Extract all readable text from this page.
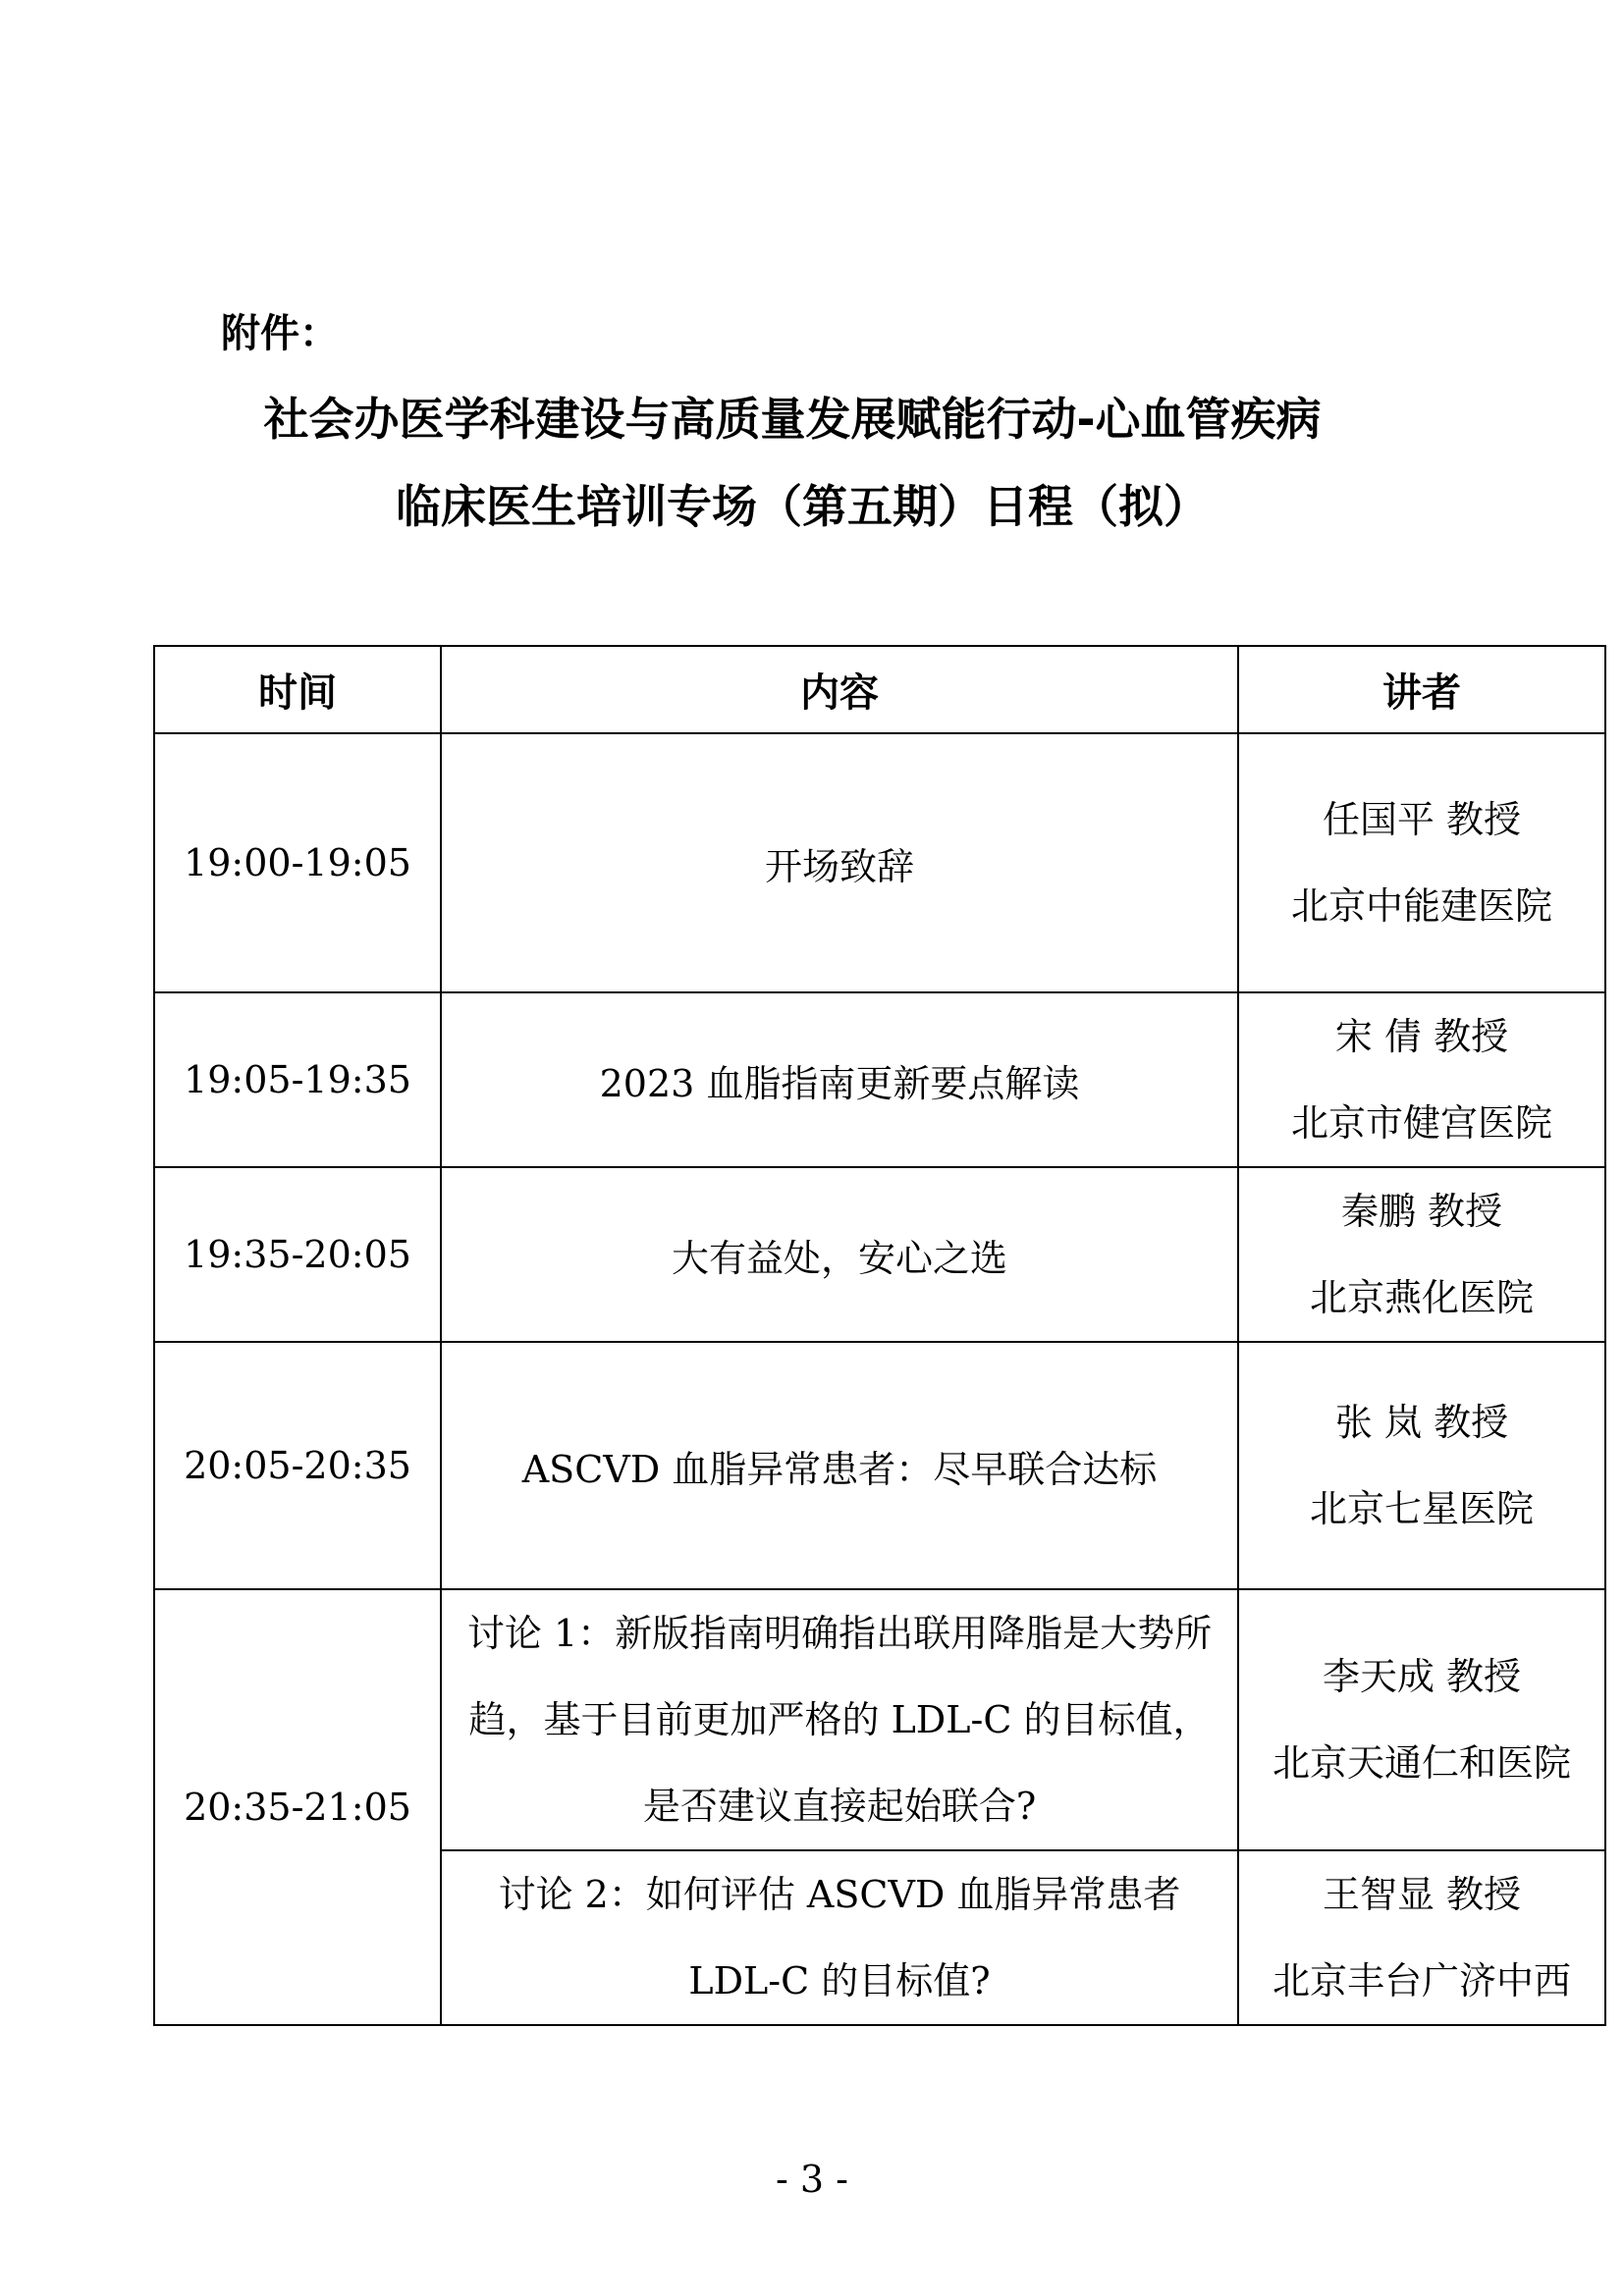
附件：
社会办医学科建设与高质量发展赋能行动-心血管疾病
临床医生培训专场（第五期）日程（拟）
时间	内容	讲者
19:00-19:05	开场致辞	任国平 教授
北京中能建医院

19:05-19:35	2023 血脂指南更新要点解读	宋 倩 教授
北京市健宫医院

19:35-20:05	大有益处，安心之选	秦鹏 教授
北京燕化医院

20:05-20:35	ASCVD 血脂异常患者：尽早联合达标	张 岚 教授
北京七星医院

20:35-21:05	讨论 1：新版指南明确指出联用降脂是大势所趋，基于目前更加严格的 LDL-C 的目标值，是否建议直接起始联合?	李天成 教授
北京天通仁和医院

	讨论 2：如何评估 ASCVD 血脂异常患者 LDL-C 的目标值?	王智显 教授
北京丰台广济中西
- 3 -
